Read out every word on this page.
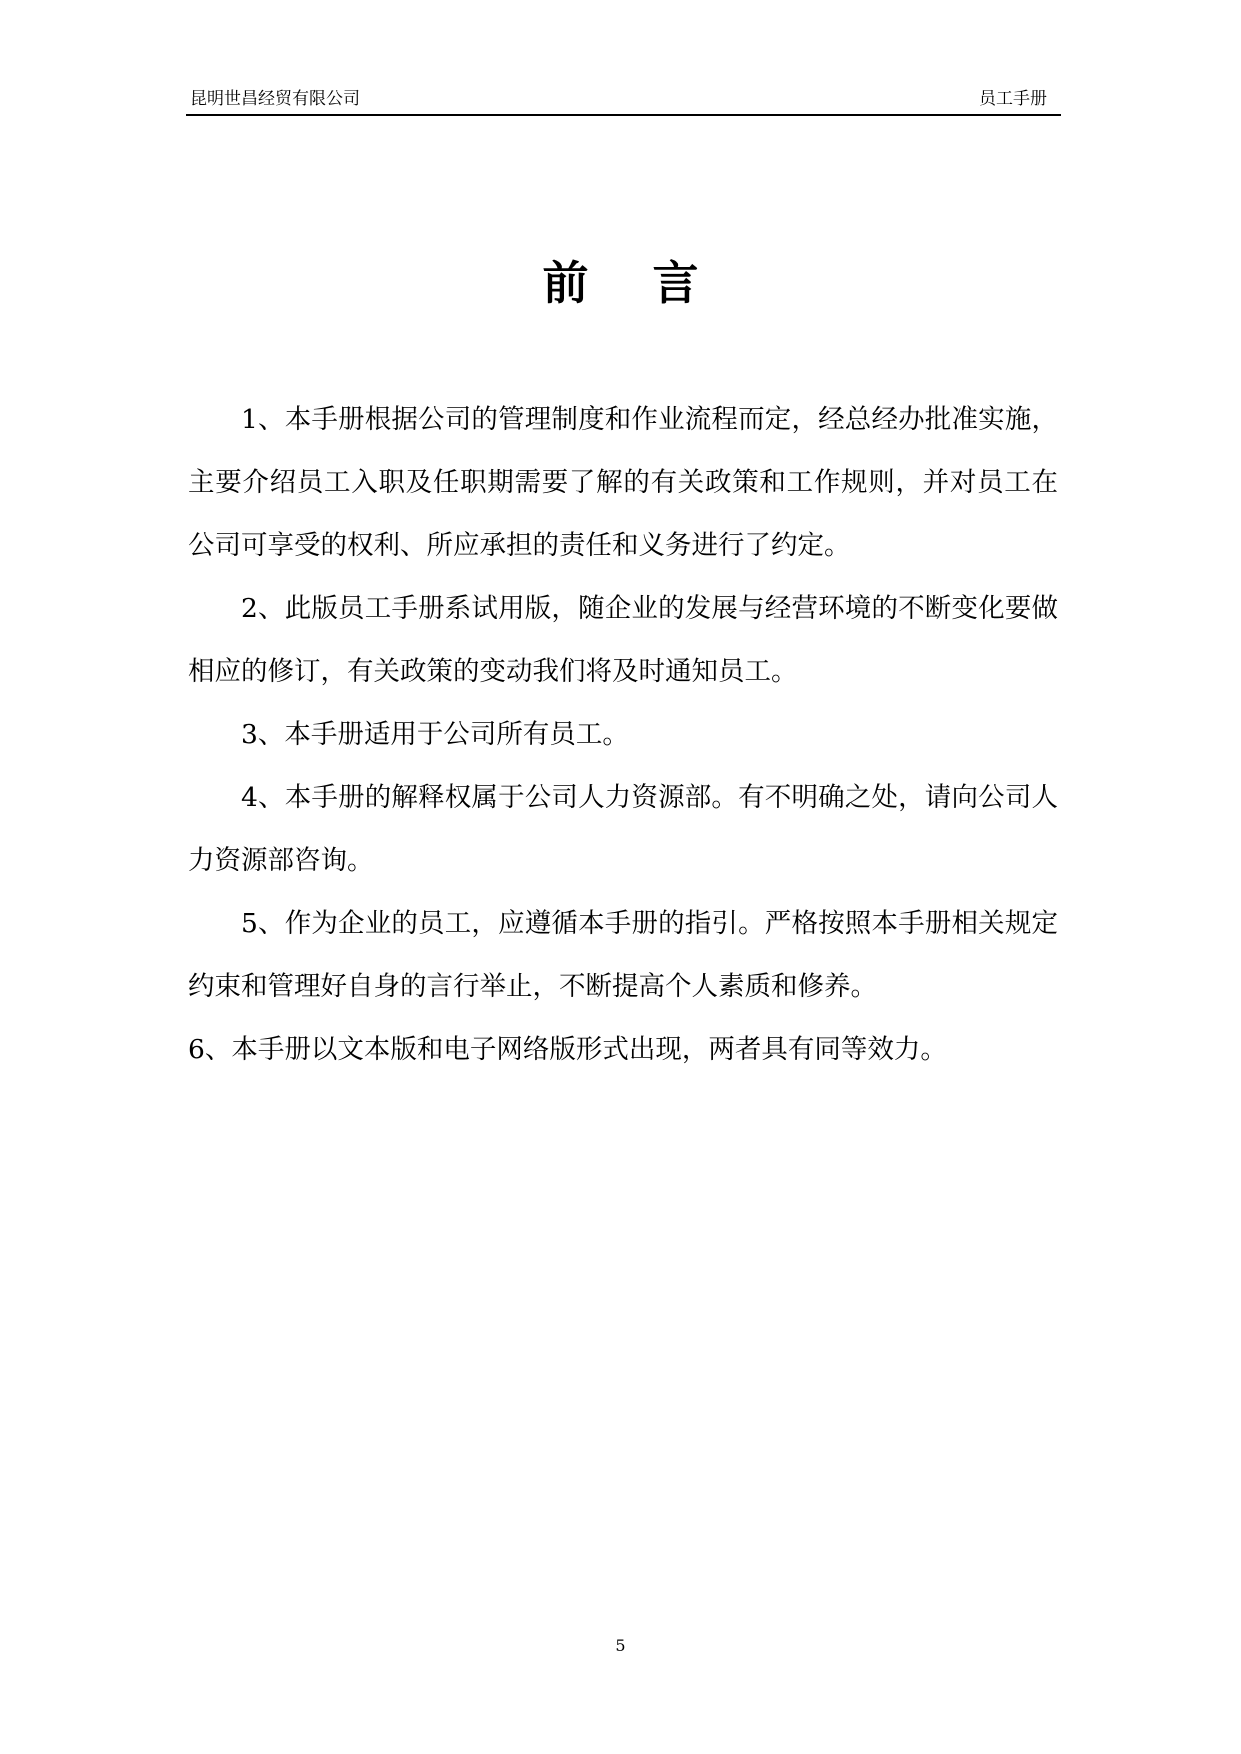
昆明世昌经贸有限公司	员工手册
前    言

1、本手册根据公司的管理制度和作业流程而定，经总经办批准实施，主要介绍员工入职及任职期需要了解的有关政策和工作规则，并对员工在公司可享受的权利、所应承担的责任和义务进行了约定。

2、此版员工手册系试用版，随企业的发展与经营环境的不断变化要做相应的修订，有关政策的变动我们将及时通知员工。

3、本手册适用于公司所有员工。

4、本手册的解释权属于公司人力资源部。有不明确之处，请向公司人力资源部咨询。

5、作为企业的员工，应遵循本手册的指引。严格按照本手册相关规定约束和管理好自身的言行举止，不断提高个人素质和修养。

6、本手册以文本版和电子网络版形式出现，两者具有同等效力。

5
